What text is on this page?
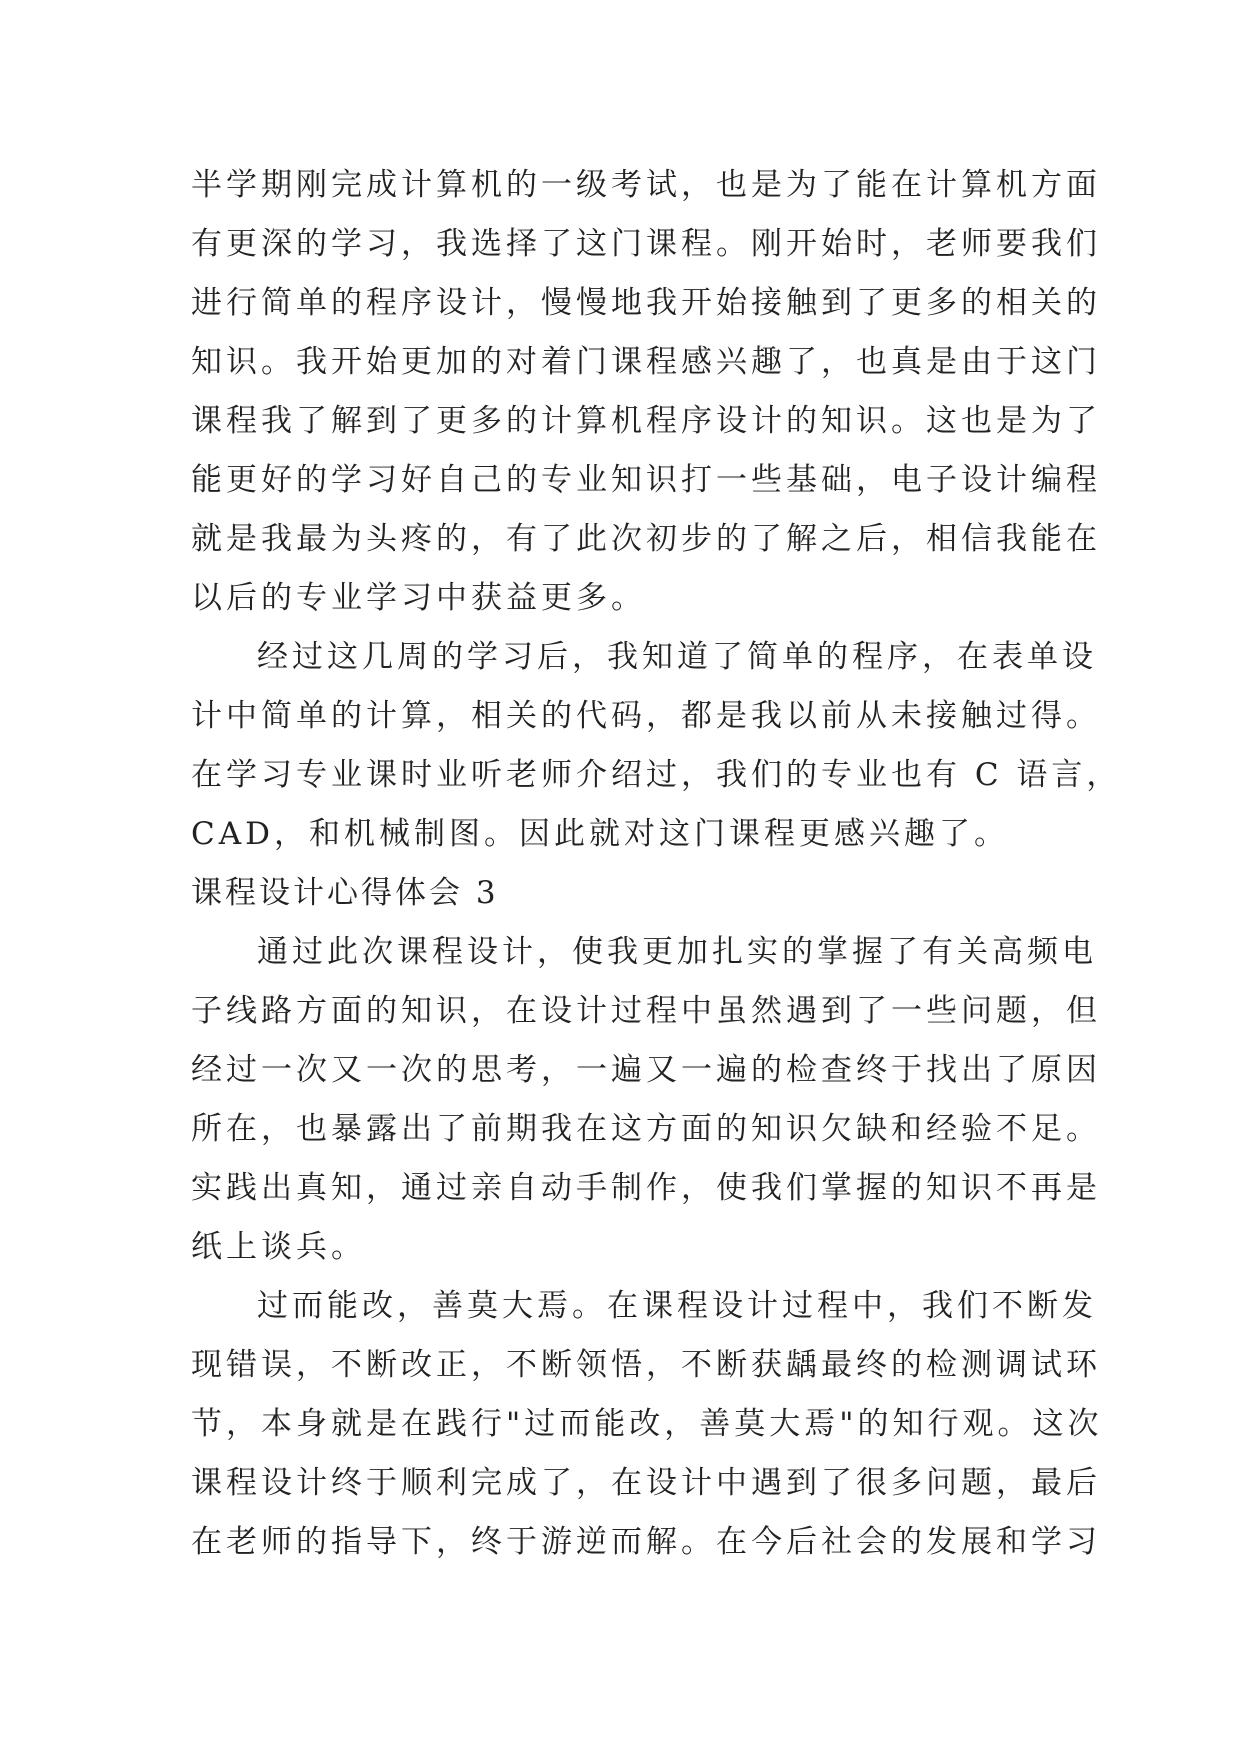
半学期刚完成计算机的一级考试，也是为了能在计算机方面
有更深的学习，我选择了这门课程。刚开始时，老师要我们
进行简单的程序设计，慢慢地我开始接触到了更多的相关的
知识。我开始更加的对着门课程感兴趣了，也真是由于这门
课程我了解到了更多的计算机程序设计的知识。这也是为了
能更好的学习好自己的专业知识打一些基础，电子设计编程
就是我最为头疼的，有了此次初步的了解之后，相信我能在
以后的专业学习中获益更多。
经过这几周的学习后，我知道了简单的程序，在表单设
计中简单的计算，相关的代码，都是我以前从未接触过得。
在学习专业课时业听老师介绍过，我们的专业也有 C 语言，
CAD，和机械制图。因此就对这门课程更感兴趣了。
课程设计心得体会 3
通过此次课程设计，使我更加扎实的掌握了有关高频电
子线路方面的知识，在设计过程中虽然遇到了一些问题，但
经过一次又一次的思考，一遍又一遍的检查终于找出了原因
所在，也暴露出了前期我在这方面的知识欠缺和经验不足。
实践出真知，通过亲自动手制作，使我们掌握的知识不再是
纸上谈兵。
过而能改，善莫大焉。在课程设计过程中，我们不断发
现错误，不断改正，不断领悟，不断获龋最终的检测调试环
节，本身就是在践行"过而能改，善莫大焉"的知行观。这次
课程设计终于顺利完成了，在设计中遇到了很多问题，最后
在老师的指导下，终于游逆而解。在今后社会的发展和学习
